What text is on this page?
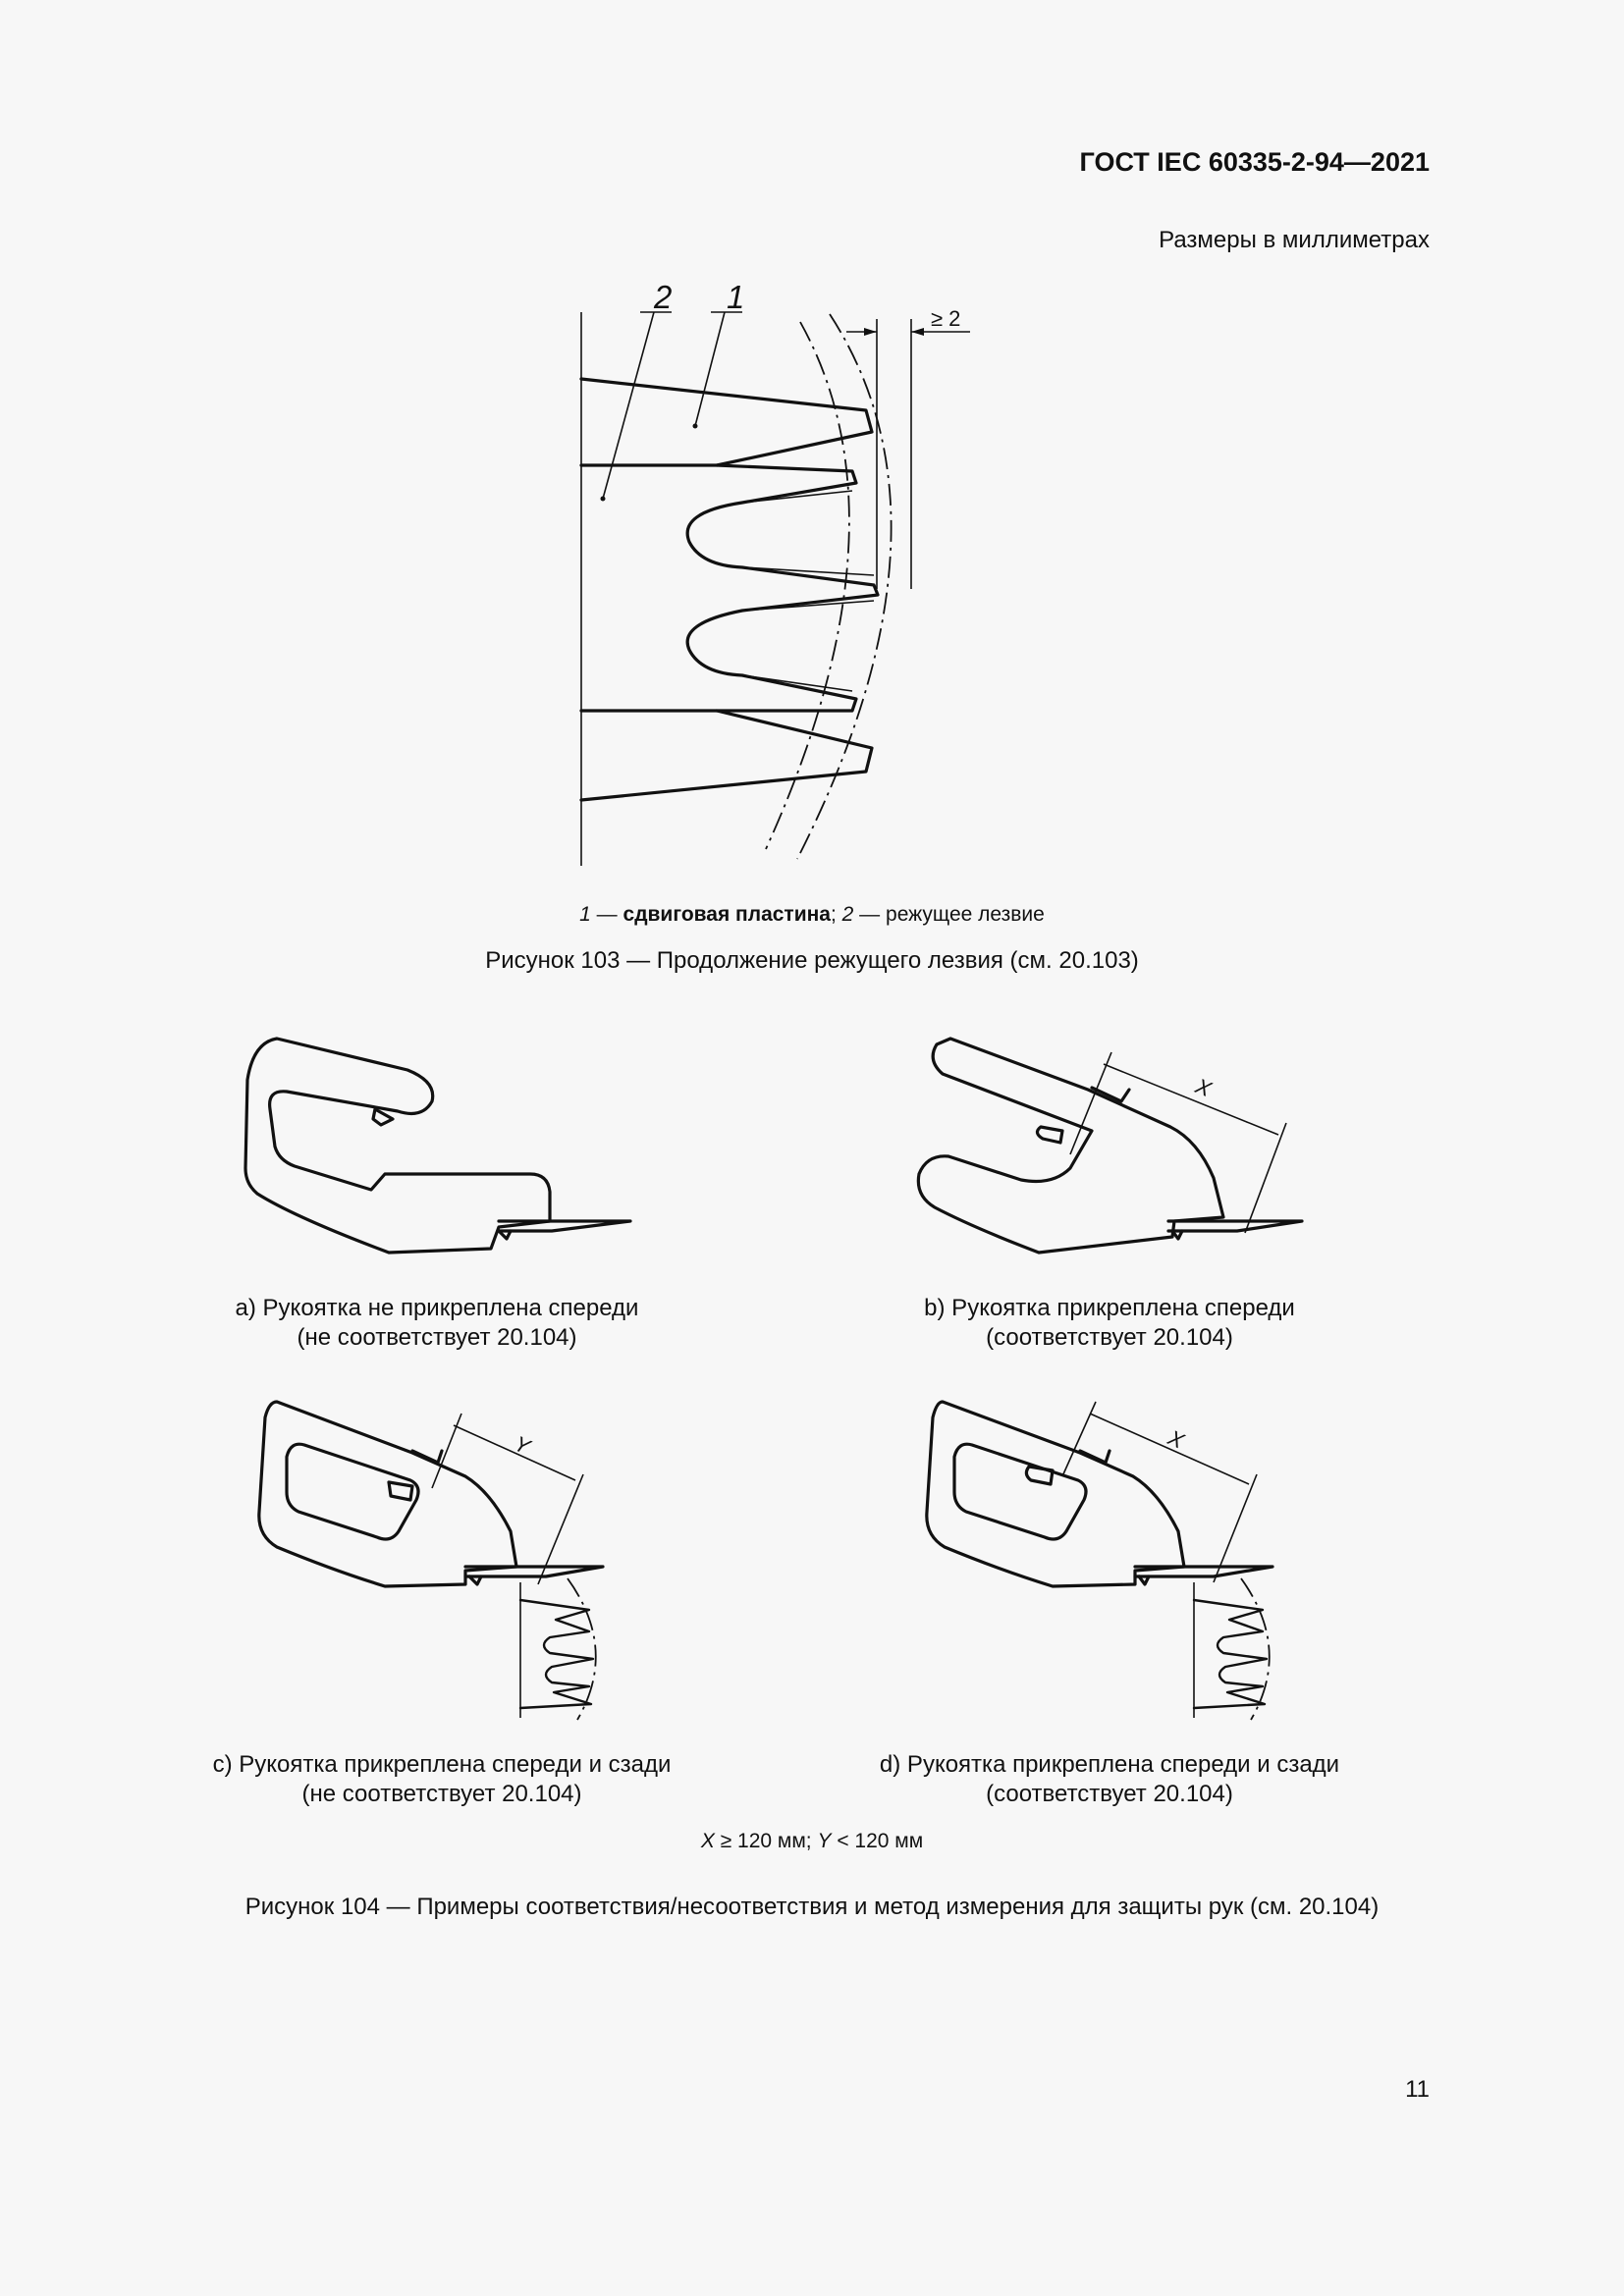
ГОСТ IEC 60335-2-94—2021
Размеры в миллиметрах
2 1
≥ 2
1 — сдвиговая пластина; 2 — режущее лезвие
Рисунок 103 — Продолжение режущего лезвия (см. 20.103)
X
a) Рукоятка не прикреплена спереди
(не соответствует 20.104)
b) Рукоятка прикреплена спереди
(соответствует 20.104)
Y	X
c) Рукоятка прикреплена спереди и сзади
(не соответствует 20.104)
d) Рукоятка прикреплена спереди и сзади
(соответствует 20.104)
X ≥ 120 мм; Y < 120 мм
Рисунок 104 — Примеры соответствия/несоответствия и метод измерения для защиты рук (см. 20.104)
11
